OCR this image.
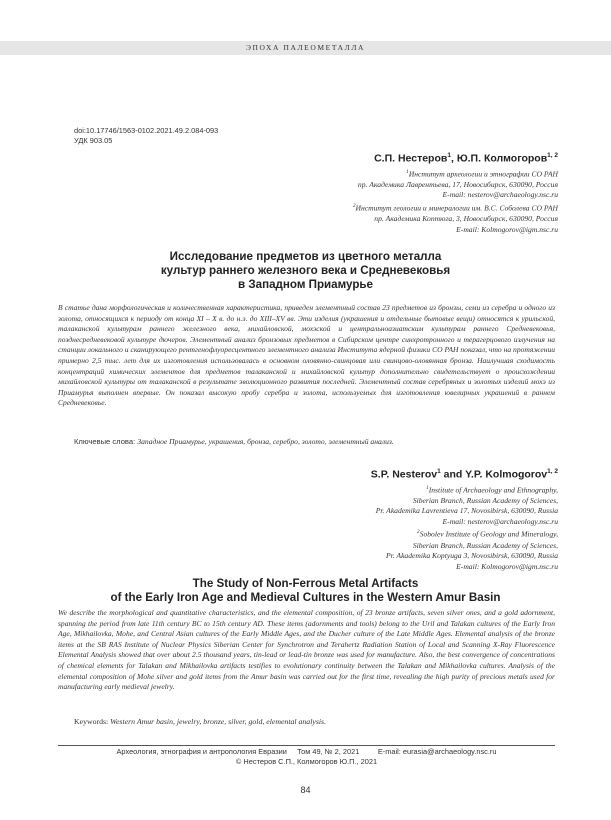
ЭПОХА ПАЛЕОМЕТАЛЛА
doi:10.17746/1563-0102.2021.49.2.084-093
УДК 903.05
С.П. Нестеров$^1$, Ю.П. Колмогоров$^{1, 2}$
$^1$Институт археологии и этнографии СО РАН
пр. Академика Лаврентьева, 17, Новосибирск, 630090, Россия
E-mail: nesterov@archaeology.nsc.ru
$^2$Институт геологии и минералогии им. В.С. Соболева СО РАН
пр. Академика Коптюга, 3, Новосибирск, 630090, Россия
E-mail: Kolmogorov@igm.nsc.ru
Исследование предметов из цветного металла
культур раннего железного века и Средневековья
в Западном Приамурье
В статье дана морфологическая и количественная характеристика, приведен элементный состав 23 предметов из бронзы, семи из серебра и одного из золота, относящихся к периоду от конца XI – Х в. до н.э. до XIII–XV вв. Эти изделия (украшения и отдельные бытовые вещи) относятся к урильской, талаканской культурам раннего железного века, михайловской, мохэской и центральноазиатским культурам раннего Средневековья, позднесредневековой культуре дючеров. Элементный анализ бронзовых предметов в Сибирском центре синхротронного и терагерцового излучения на станции локального и сканирующего рентгенофлуоресцентного элементного анализа Института ядерной физики СО РАН показал, что на протяжении примерно 2,5 тыс. лет для их изготовления использовалась в основном оловянно-свинцовая или свинцово-оловянная бронза. Наилучшая сходимость концентраций химических элементов для предметов талаканской и михайловской культур дополнительно свидетельствует о происхождении михайловской культуры от талаканской в результате эволюционного развития последней. Элементный состав серебряных и золотых изделий мохэ из Приамурья выполнен впервые. Он показал высокую пробу серебра и золота, используемых для изготовления ювелирных украшений в раннем Средневековье.
Ключевые слова: Западное Приамурье, украшения, бронза, серебро, золото, элементный анализ.
S.P. Nesterov$^1$ and Y.P. Kolmogorov$^{1, 2}$
$^1$Institute of Archaeology and Ethnography,
Siberian Branch, Russian Academy of Sciences,
Pr. Akademika Lavrentieva 17, Novosibirsk, 630090, Russia
E-mail: nesterov@archaeology.nsc.ru
$^2$Sobolev Institute of Geology and Mineralogy,
Siberian Branch, Russian Academy of Sciences,
Pr. Akademika Koptyuga 3, Novosibirsk, 630090, Russia
E-mail: Kolmogorov@igm.nsc.ru
The Study of Non-Ferrous Metal Artifacts
of the Early Iron Age and Medieval Cultures in the Western Amur Basin
We describe the morphological and quantitative characteristics, and the elemental composition, of 23 bronze artifacts, seven silver ones, and a gold adornment, spanning the period from late 11th century BC to 15th century AD. These items (adornments and tools) belong to the Uril and Talakan cultures of the Early Iron Age, Mikhailovka, Mohe, and Central Asian cultures of the Early Middle Ages, and the Ducher culture of the Late Middle Ages. Elemental analysis of the bronze items at the SB RAS Institute of Nuclear Physics Siberian Center for Synchrotron and Terahertz Radiation Station of Local and Scanning X-Ray Fluorescence Elemental Analysis showed that over about 2.5 thousand years, tin-lead or lead-tin bronze was used for manufacture. Also, the best convergence of concentrations of chemical elements for Talakan and Mikhailovka artifacts testifies to evolutionary continuity between the Talakan and Mikhailovka cultures. Analysis of the elemental composition of Mohe silver and gold items from the Amur basin was carried out for the first time, revealing the high purity of precious metals used for manufacturing early medieval jewelry.
Keywords: Western Amur basin, jewelry, bronze, silver, gold, elemental analysis.
Археология, этнография и антропология Евразии Том 49, № 2, 2021 E-mail: eurasia@archaeology.nsc.ru
© Нестеров С.П., Колмогоров Ю.П., 2021
84
